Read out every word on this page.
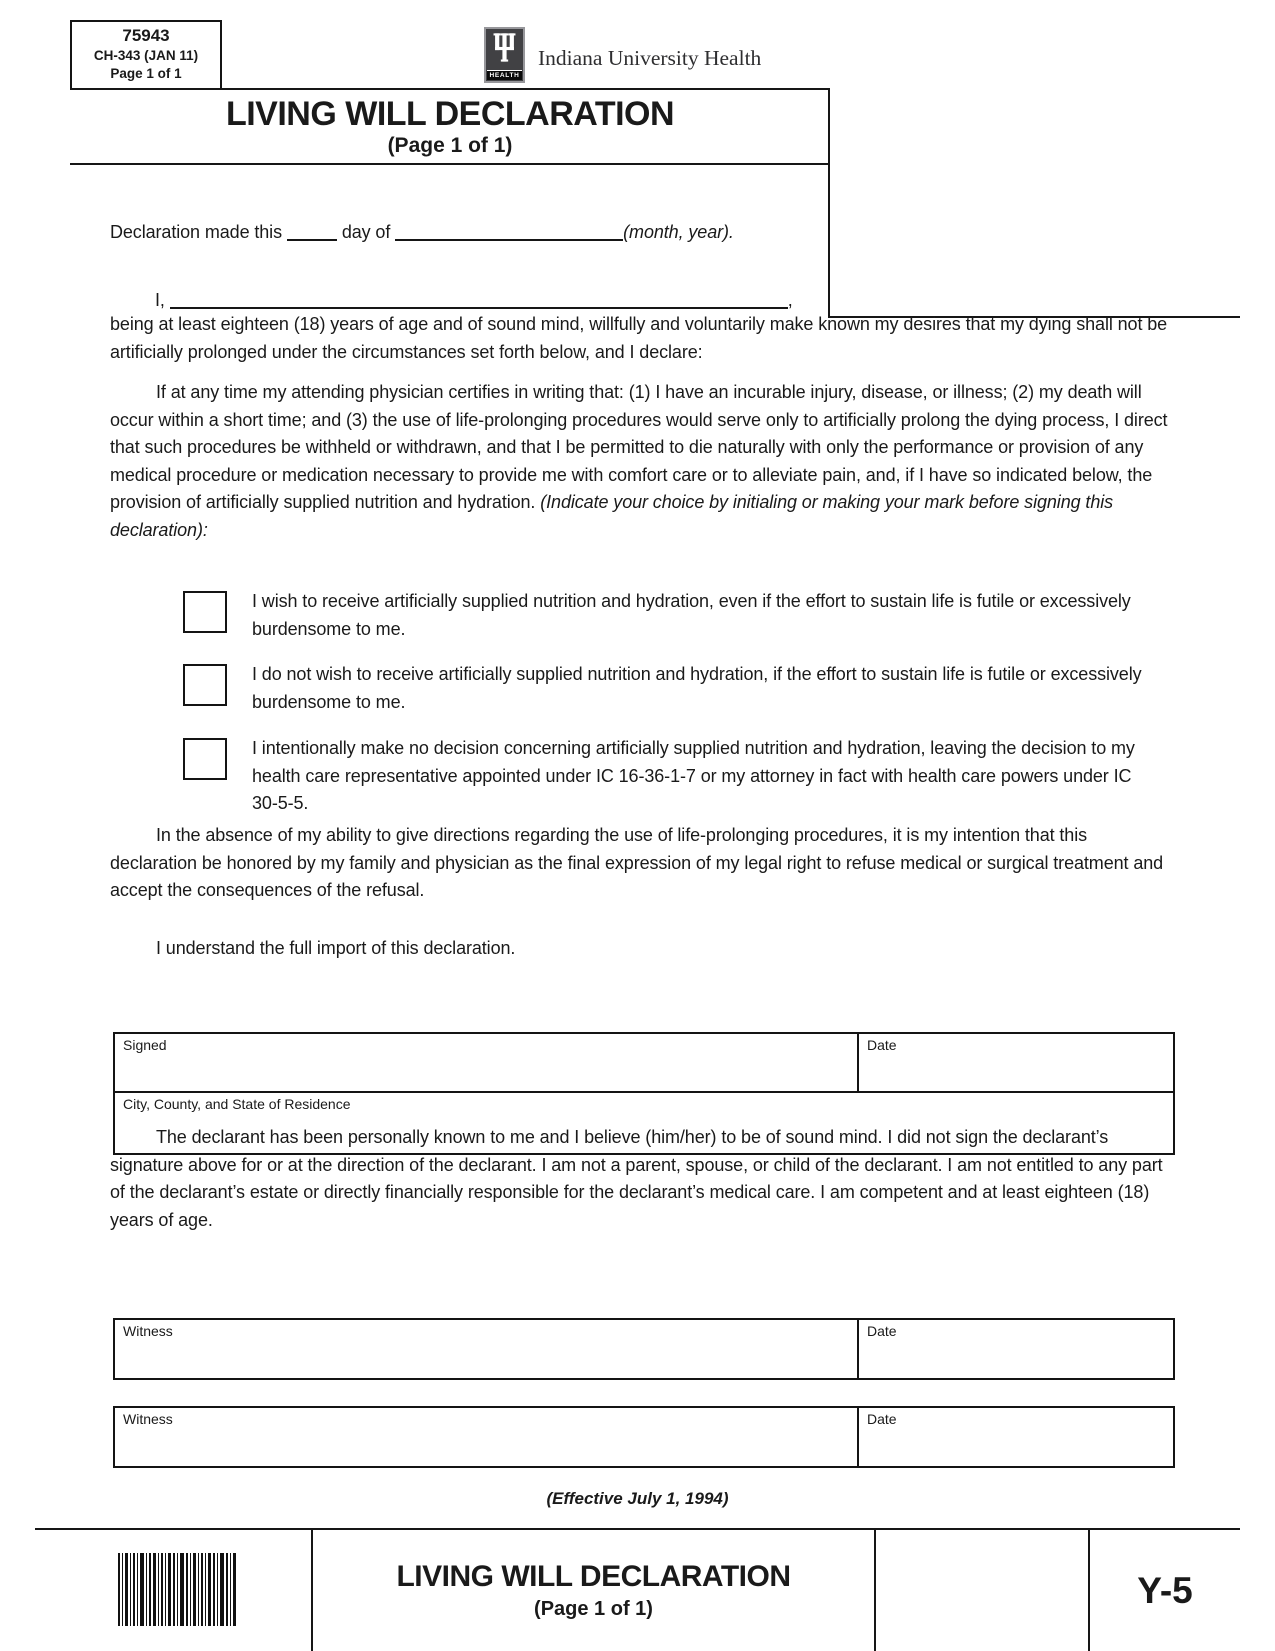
75943
CH-343 (JAN 11)
Page 1 of 1	HEALTH
Indiana University Health
LIVING WILL DECLARATION
(Page 1 of 1)
Declaration made this	day of	(month, year).
I,	,
being at least eighteen (18) years of age and of sound mind, willfully and voluntarily make known my desires that my dying shall not be artificially prolonged under the circumstances set forth below, and I declare:
If at any time my attending physician certifies in writing that: (1) I have an incurable injury, disease, or illness; (2) my death will occur within a short time; and (3) the use of life-prolonging procedures would serve only to artificially prolong the dying process, I direct that such procedures be withheld or withdrawn, and that I be permitted to die naturally with only the performance or provision of any medical procedure or medication necessary to provide me with comfort care or to alleviate pain, and, if I have so indicated below, the provision of artificially supplied nutrition and hydration. (Indicate your choice by initialing or making your mark before signing this declaration):
I wish to receive artificially supplied nutrition and hydration, even if the effort to sustain life is futile or excessively burdensome to me.
I do not wish to receive artificially supplied nutrition and hydration, if the effort to sustain life is futile or excessively burdensome to me.
I intentionally make no decision concerning artificially supplied nutrition and hydration, leaving the decision to my health care representative appointed under IC 16-36-1-7 or my attorney in fact with health care powers under IC 30-5-5.
In the absence of my ability to give directions regarding the use of life-prolonging procedures, it is my intention that this declaration be honored by my family and physician as the final expression of my legal right to refuse medical or surgical treatment and accept the consequences of the refusal.
I understand the full import of this declaration.
Signed	Date
City, County, and State of Residence
The declarant has been personally known to me and I believe (him/her) to be of sound mind. I did not sign the declarant’s signature above for or at the direction of the declarant. I am not a parent, spouse, or child of the declarant. I am not entitled to any part of the declarant’s estate or directly financially responsible for the declarant’s medical care. I am competent and at least eighteen (18) years of age.
Witness	Date
Witness	Date
(Effective July 1, 1994)
LIVING WILL DECLARATION
(Page 1 of 1)	Y-5
